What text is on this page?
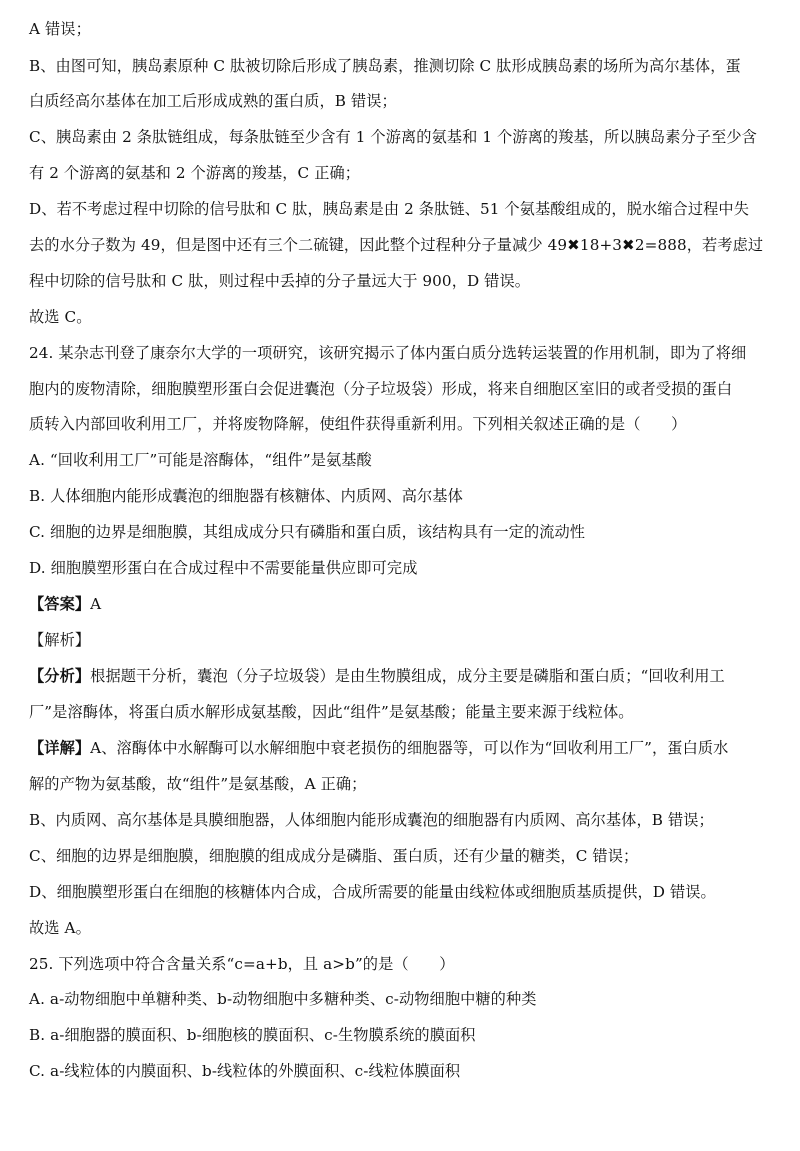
A 错误；
B、由图可知，胰岛素原种 C 肽被切除后形成了胰岛素，推测切除 C 肽形成胰岛素的场所为高尔基体，蛋
白质经高尔基体在加工后形成成熟的蛋白质，B 错误；
C、胰岛素由 2 条肽链组成，每条肽链至少含有 1 个游离的氨基和 1 个游离的羧基，所以胰岛素分子至少含
有 2 个游离的氨基和 2 个游离的羧基，C 正确；
D、若不考虑过程中切除的信号肽和 C 肽，胰岛素是由 2 条肽链、51 个氨基酸组成的，脱水缩合过程中失
去的水分子数为 49，但是图中还有三个二硫键，因此整个过程种分子量减少 49✖18+3✖2=888，若考虑过
程中切除的信号肽和 C 肽，则过程中丢掉的分子量远大于 900，D 错误。
故选 C。
24. 某杂志刊登了康奈尔大学的一项研究，该研究揭示了体内蛋白质分选转运装置的作用机制，即为了将细
胞内的废物清除，细胞膜塑形蛋白会促进囊泡（分子垃圾袋）形成，将来自细胞区室旧的或者受损的蛋白
质转入内部回收利用工厂，并将废物降解，使组件获得重新利用。下列相关叙述正确的是（　　）
A. “回收利用工厂”可能是溶酶体，“组件”是氨基酸
B. 人体细胞内能形成囊泡的细胞器有核糖体、内质网、高尔基体
C. 细胞的边界是细胞膜，其组成成分只有磷脂和蛋白质，该结构具有一定的流动性
D. 细胞膜塑形蛋白在合成过程中不需要能量供应即可完成
【答案】A
【解析】
【分析】根据题干分析，囊泡（分子垃圾袋）是由生物膜组成，成分主要是磷脂和蛋白质；“回收利用工
厂”是溶酶体，将蛋白质水解形成氨基酸，因此“组件”是氨基酸；能量主要来源于线粒体。
【详解】A、溶酶体中水解酶可以水解细胞中衰老损伤的细胞器等，可以作为“回收利用工厂”，蛋白质水
解的产物为氨基酸，故“组件”是氨基酸，A 正确；
B、内质网、高尔基体是具膜细胞器，人体细胞内能形成囊泡的细胞器有内质网、高尔基体，B 错误；
C、细胞的边界是细胞膜，细胞膜的组成成分是磷脂、蛋白质，还有少量的糖类，C 错误；
D、细胞膜塑形蛋白在细胞的核糖体内合成，合成所需要的能量由线粒体或细胞质基质提供，D 错误。
故选 A。
25. 下列选项中符合含量关系“c=a+b，且 a>b”的是（　　）
A. a-动物细胞中单糖种类、b-动物细胞中多糖种类、c-动物细胞中糖的种类
B. a-细胞器的膜面积、b-细胞核的膜面积、c-生物膜系统的膜面积
C. a-线粒体的内膜面积、b-线粒体的外膜面积、c-线粒体膜面积
